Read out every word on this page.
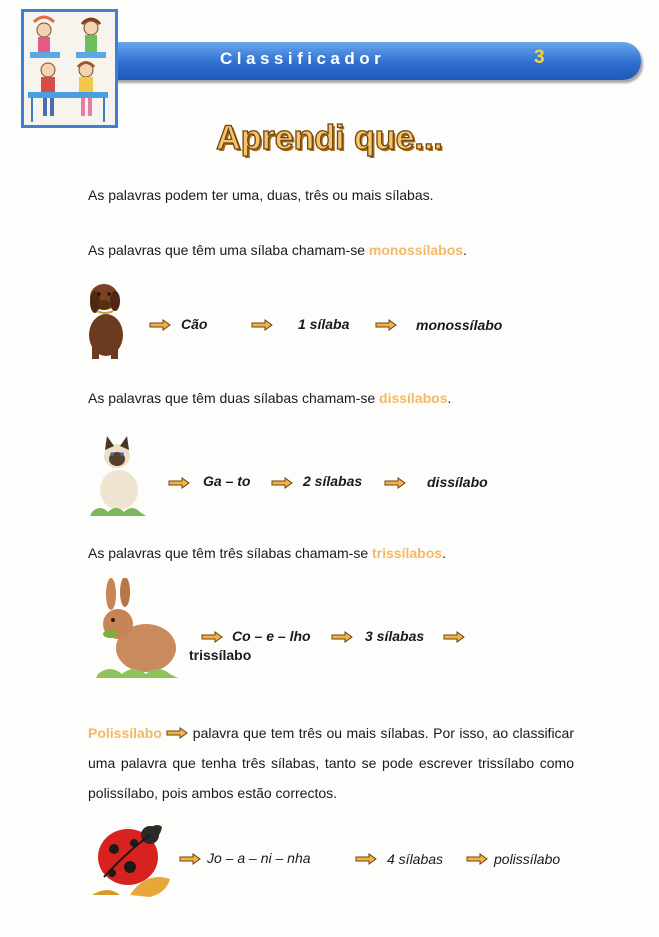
Classificador	3
Aprendi que...
As palavras podem ter uma, duas, três ou mais sílabas.
As palavras que têm uma sílaba chamam-se monossílabos.
Cão	1 sílaba	monossílabo
As palavras que têm duas sílabas chamam-se dissílabos.
Ga – to	2 sílabas	dissílabo
As palavras que têm três sílabas chamam-se trissílabos.
Co – e – lho	3 sílabas
trissílabo
Polissílabo  palavra que tem três ou mais sílabas. Por isso, ao classificar uma palavra que tenha três sílabas, tanto se pode escrever trissílabo como polissílabo, pois ambos estão correctos.
Jo – a – ni – nha	4 sílabas	polissílabo
